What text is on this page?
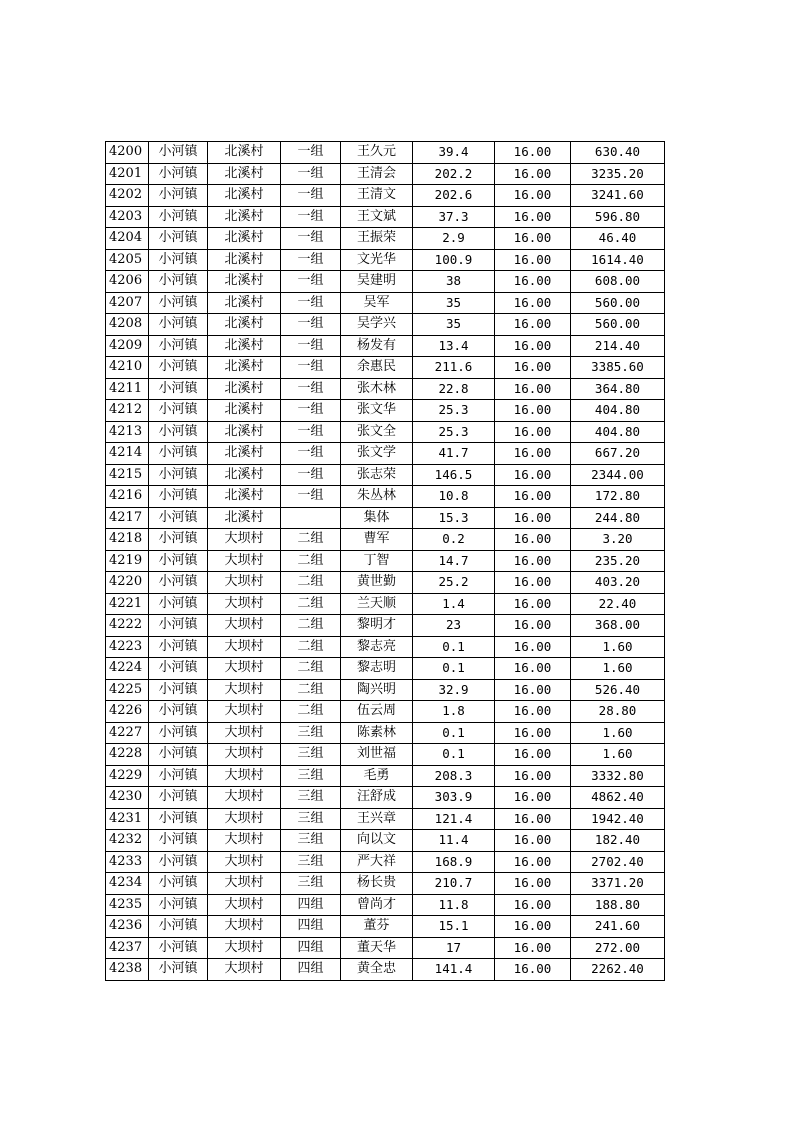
4200	小河镇	北溪村	一组	王久元	39.4	16.00	630.40
4201	小河镇	北溪村	一组	王清会	202.2	16.00	3235.20
4202	小河镇	北溪村	一组	王清文	202.6	16.00	3241.60
4203	小河镇	北溪村	一组	王文斌	37.3	16.00	596.80
4204	小河镇	北溪村	一组	王振荣	2.9	16.00	46.40
4205	小河镇	北溪村	一组	文光华	100.9	16.00	1614.40
4206	小河镇	北溪村	一组	吴建明	38	16.00	608.00
4207	小河镇	北溪村	一组	吴军	35	16.00	560.00
4208	小河镇	北溪村	一组	吴学兴	35	16.00	560.00
4209	小河镇	北溪村	一组	杨发有	13.4	16.00	214.40
4210	小河镇	北溪村	一组	余惠民	211.6	16.00	3385.60
4211	小河镇	北溪村	一组	张木林	22.8	16.00	364.80
4212	小河镇	北溪村	一组	张文华	25.3	16.00	404.80
4213	小河镇	北溪村	一组	张文全	25.3	16.00	404.80
4214	小河镇	北溪村	一组	张文学	41.7	16.00	667.20
4215	小河镇	北溪村	一组	张志荣	146.5	16.00	2344.00
4216	小河镇	北溪村	一组	朱丛林	10.8	16.00	172.80
4217	小河镇	北溪村		集体	15.3	16.00	244.80
4218	小河镇	大坝村	二组	曹军	0.2	16.00	3.20
4219	小河镇	大坝村	二组	丁智	14.7	16.00	235.20
4220	小河镇	大坝村	二组	黄世勤	25.2	16.00	403.20
4221	小河镇	大坝村	二组	兰天顺	1.4	16.00	22.40
4222	小河镇	大坝村	二组	黎明才	23	16.00	368.00
4223	小河镇	大坝村	二组	黎志亮	0.1	16.00	1.60
4224	小河镇	大坝村	二组	黎志明	0.1	16.00	1.60
4225	小河镇	大坝村	二组	陶兴明	32.9	16.00	526.40
4226	小河镇	大坝村	二组	伍云周	1.8	16.00	28.80
4227	小河镇	大坝村	三组	陈素林	0.1	16.00	1.60
4228	小河镇	大坝村	三组	刘世福	0.1	16.00	1.60
4229	小河镇	大坝村	三组	毛勇	208.3	16.00	3332.80
4230	小河镇	大坝村	三组	汪舒成	303.9	16.00	4862.40
4231	小河镇	大坝村	三组	王兴章	121.4	16.00	1942.40
4232	小河镇	大坝村	三组	向以文	11.4	16.00	182.40
4233	小河镇	大坝村	三组	严大祥	168.9	16.00	2702.40
4234	小河镇	大坝村	三组	杨长贵	210.7	16.00	3371.20
4235	小河镇	大坝村	四组	曾尚才	11.8	16.00	188.80
4236	小河镇	大坝村	四组	董芬	15.1	16.00	241.60
4237	小河镇	大坝村	四组	董天华	17	16.00	272.00
4238	小河镇	大坝村	四组	黄全忠	141.4	16.00	2262.40
